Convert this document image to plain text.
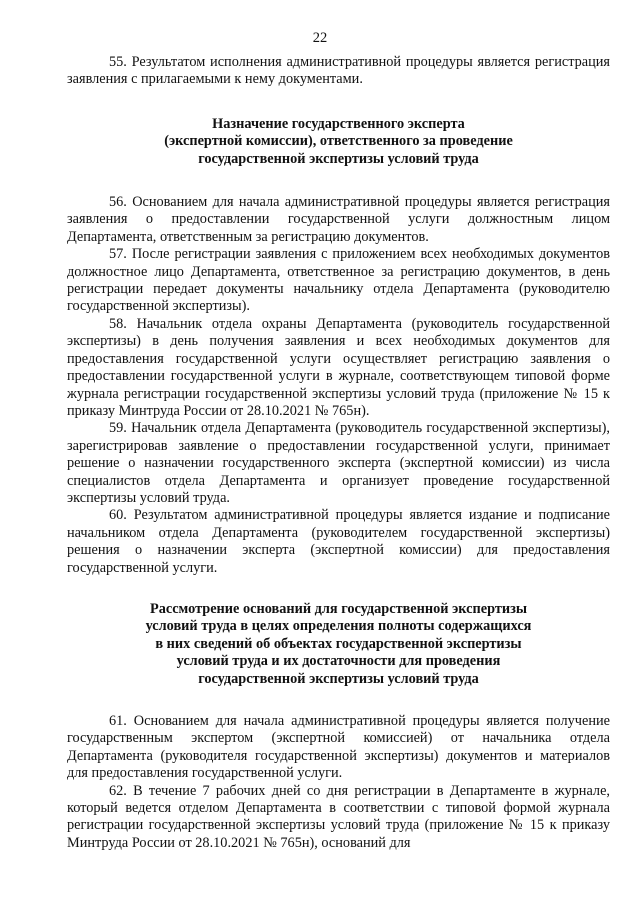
22

55. Результатом исполнения административной процедуры является регистрация заявления с прилагаемыми к нему документами.

Назначение государственного эксперта
(экспертной комиссии), ответственного за проведение
государственной экспертизы условий труда

56. Основанием для начала административной процедуры является регистрация заявления о предоставлении государственной услуги должностным лицом Департамента, ответственным за регистрацию документов.

57. После регистрации заявления с приложением всех необходимых документов должностное лицо Департамента, ответственное за регистрацию документов, в день регистрации передает документы начальнику отдела Департамента (руководителю государственной экспертизы).

58. Начальник отдела охраны Департамента (руководитель государственной экспертизы) в день получения заявления и всех необходимых документов для предоставления государственной услуги осуществляет регистрацию заявления о предоставлении государственной услуги в журнале, соответствующем типовой форме журнала регистрации государственной экспертизы условий труда (приложение № 15 к приказу Минтруда России от 28.10.2021 № 765н).

59. Начальник отдела Департамента (руководитель государственной экспертизы), зарегистрировав заявление о предоставлении государственной услуги, принимает решение о назначении государственного эксперта (экспертной комиссии) из числа специалистов отдела Департамента и организует проведение государственной экспертизы условий труда.

60. Результатом административной процедуры является издание и подписание начальником отдела Департамента (руководителем государственной экспертизы) решения о назначении эксперта (экспертной комиссии) для предоставления государственной услуги.

Рассмотрение оснований для государственной экспертизы
условий труда в целях определения полноты содержащихся
в них сведений об объектах государственной экспертизы
условий труда и их достаточности для проведения
государственной экспертизы условий труда

61. Основанием для начала административной процедуры является получение государственным экспертом (экспертной комиссией) от начальника отдела Департамента (руководителя государственной экспертизы) документов и материалов для предоставления государственной услуги.

62. В течение 7 рабочих дней со дня регистрации в Департаменте в журнале, который ведется отделом Департамента в соответствии с типовой формой журнала регистрации государственной экспертизы условий труда (приложение № 15 к приказу Минтруда России от 28.10.2021 № 765н), оснований для
